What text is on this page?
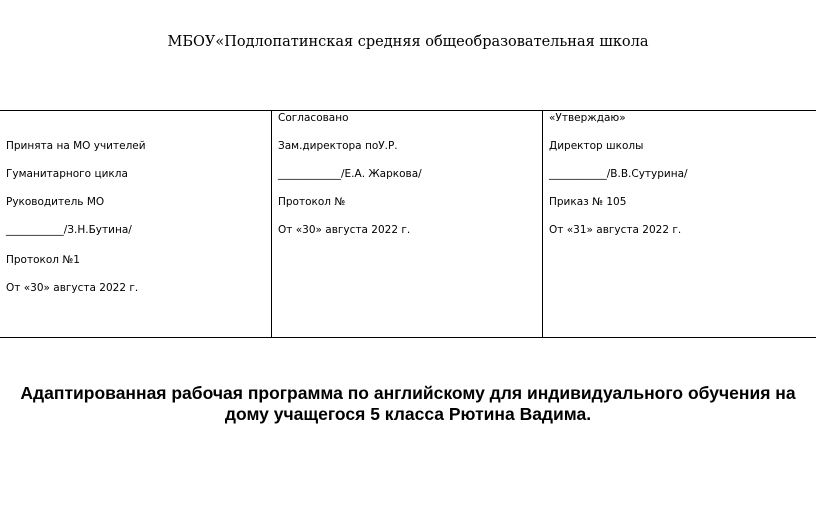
МБОУ«Подлопатинская средняя общеобразовательная школа
Принята на МО учителей
Гуманитарного цикла
Руководитель МО
___________/З.Н.Бутина/
Протокол №1
От «30» августа 2022 г.
Согласовано
Зам.директора поУ.Р.
____________/Е.А. Жаркова/
Протокол №
От «30» августа 2022 г.
«Утверждаю»
Директор школы
___________/В.В.Сутурина/
Приказ № 105
От «31» августа 2022 г.
Адаптированная рабочая программа по английскому для индивидуального обучения на
дому учащегося 5 класса Рютина Вадима.
